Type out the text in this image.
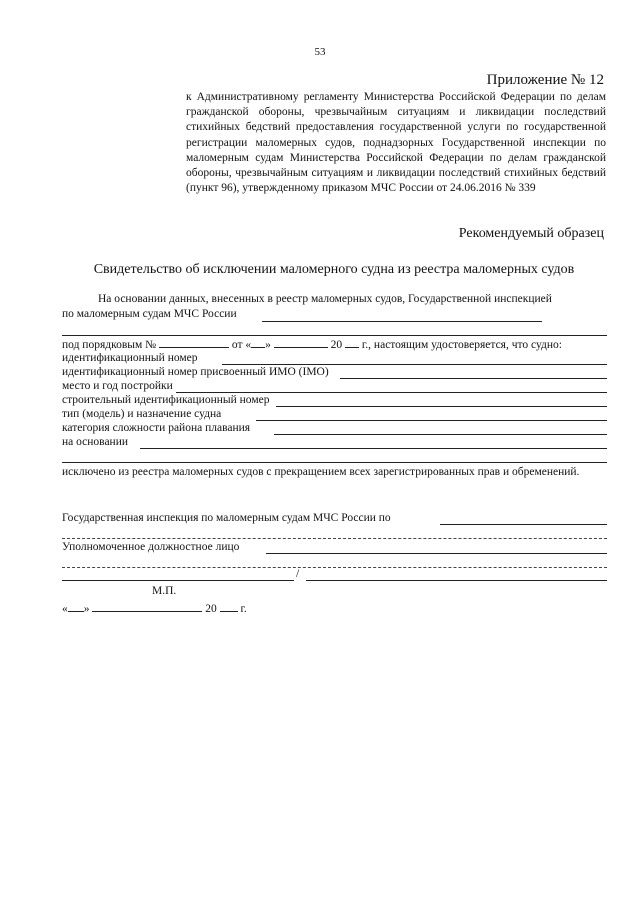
53
Приложение № 12
к Административному регламенту Министерства Российской Федерации по делам гражданской обороны, чрезвычайным ситуациям и ликвидации последствий стихийных бедствий предоставления государственной услуги по государственной регистрации маломерных судов, поднадзорных Государственной инспекции по маломерным судам Министерства Российской Федерации по делам гражданской обороны, чрезвычайным ситуациям и ликвидации последствий стихийных бедствий (пункт 96), утвержденному приказом МЧС России от 24.06.2016 № 339
Рекомендуемый образец
Свидетельство об исключении маломерного судна из реестра маломерных судов
На основании данных, внесенных в реестр маломерных судов, Государственной инспекцией
по маломерным судам МЧС России
под порядковым №	от « »	20 г., настоящим удостоверяется, что судно:
идентификационный номер
идентификационный номер присвоенный ИМО (IMO)
место и год постройки
строительный идентификационный номер
тип (модель) и назначение судна
категория сложности района плавания
на основании
исключено из реестра маломерных судов с прекращением всех зарегистрированных прав и обременений.
Государственная инспекция по маломерным судам МЧС России по
Уполномоченное должностное лицо
/
М.П.
« »	20 г.
